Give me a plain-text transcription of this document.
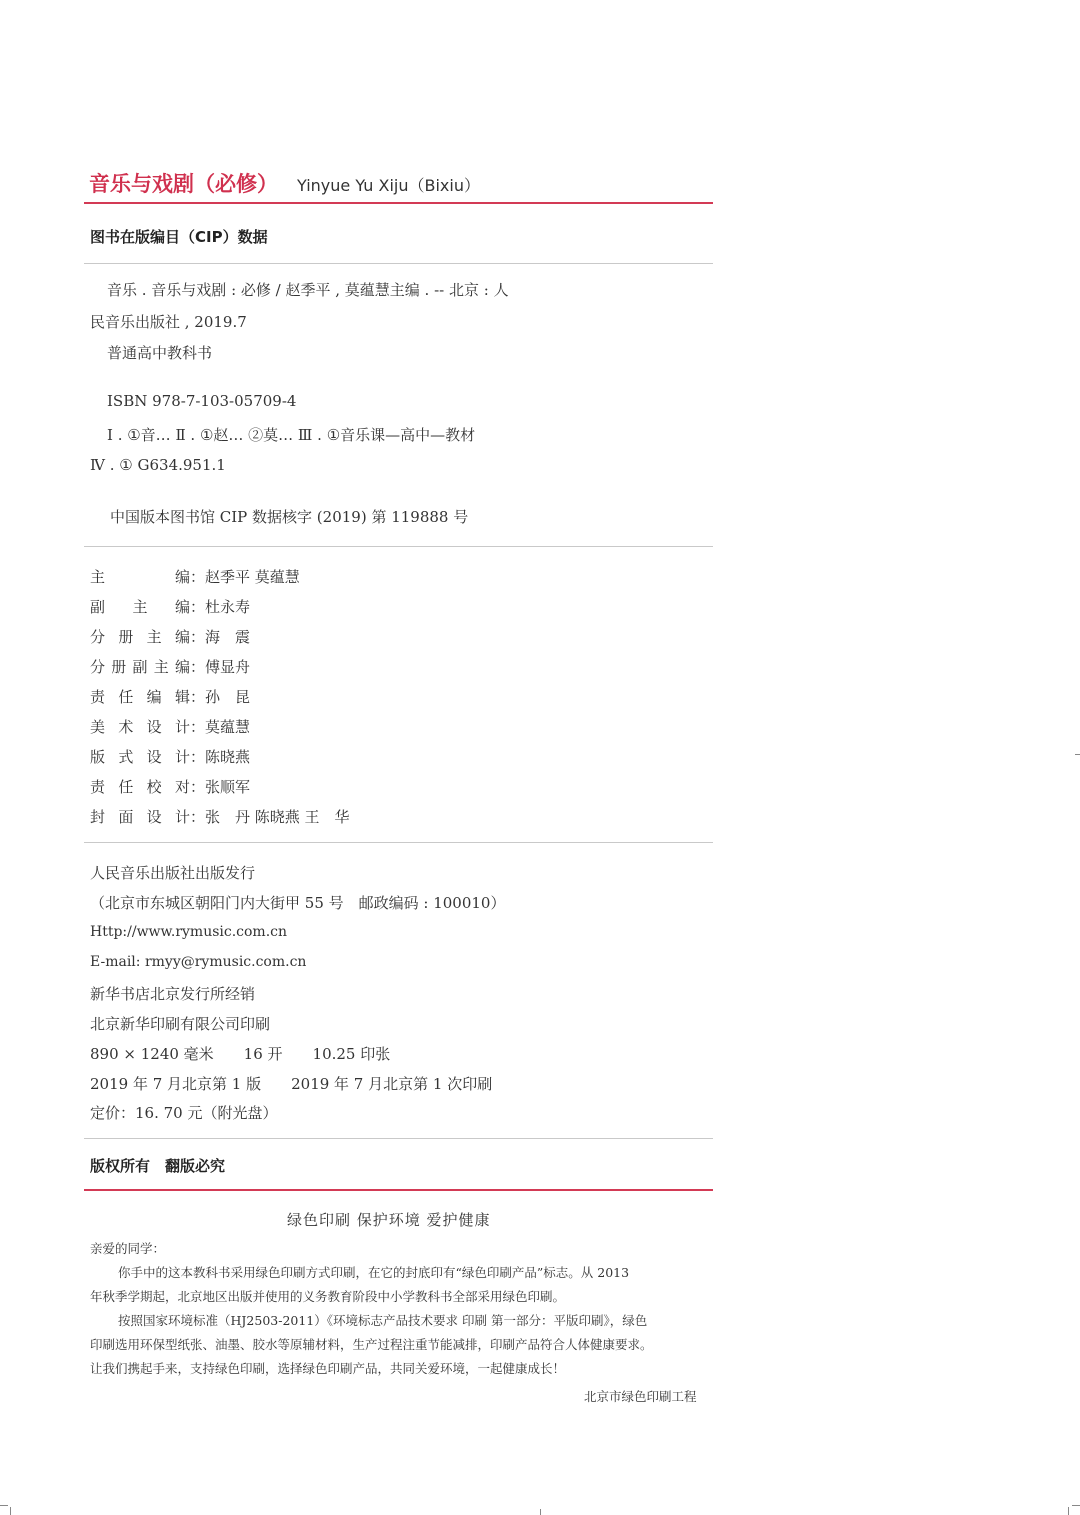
音乐与戏剧（必修） Yinyue Yu Xiju（Bixiu）
图书在版编目（CIP）数据
音乐 . 音乐与戏剧 : 必修 / 赵季平 , 莫蕴慧主编 . -- 北京 : 人
民音乐出版社 , 2019.7
普通高中教科书
ISBN 978-7-103-05709-4
Ⅰ . ①音… Ⅱ . ①赵… ②莫… Ⅲ . ①音乐课—高中—教材
Ⅳ . ① G634.951.1
中国版本图书馆 CIP 数据核字 (2019) 第 119888 号
主编：赵季平 莫蕴慧
副主编：杜永寿
分册主编：海　震
分册副主编：傅显舟
责任编辑：孙　昆
美术设计：莫蕴慧
版式设计：陈晓燕
责任校对：张顺军
封面设计：张　丹 陈晓燕 王　华
人民音乐出版社出版发行
（北京市东城区朝阳门内大街甲 55 号　邮政编码 : 100010）
Http://www.rymusic.com.cn
E-mail: rmyy@rymusic.com.cn
新华书店北京发行所经销
北京新华印刷有限公司印刷
890 × 1240 毫米　　16 开　　10.25 印张
2019 年 7 月北京第 1 版　　2019 年 7 月北京第 1 次印刷
定价：16. 70 元（附光盘）
版权所有　翻版必究
绿色印刷 保护环境 爱护健康
亲爱的同学：
你手中的这本教科书采用绿色印刷方式印刷，在它的封底印有“绿色印刷产品”标志。从 2013
年秋季学期起，北京地区出版并使用的义务教育阶段中小学教科书全部采用绿色印刷。
按照国家环境标准（HJ2503-2011）《环境标志产品技术要求 印刷 第一部分：平版印刷》，绿色
印刷选用环保型纸张、油墨、胶水等原辅材料，生产过程注重节能减排，印刷产品符合人体健康要求。
让我们携起手来，支持绿色印刷，选择绿色印刷产品，共同关爱环境，一起健康成长！
北京市绿色印刷工程
